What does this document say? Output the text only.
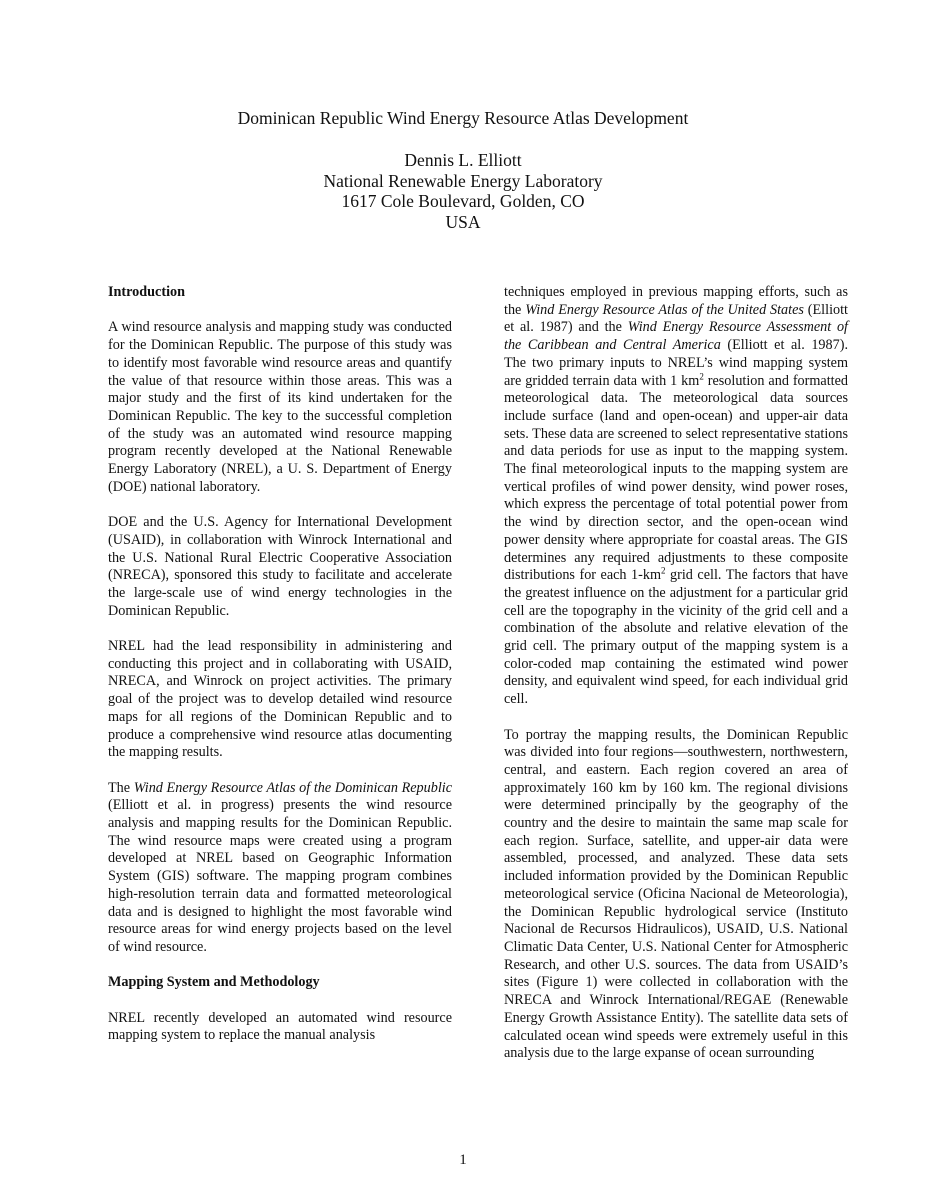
Dominican Republic Wind Energy Resource Atlas Development
Dennis L. Elliott
National Renewable Energy Laboratory
1617 Cole Boulevard, Golden, CO
USA
Introduction

A wind resource analysis and mapping study was conducted for the Dominican Republic. The purpose of this study was to identify most favorable wind resource areas and quantify the value of that resource within those areas. This was a major study and the first of its kind undertaken for the Dominican Republic. The key to the successful completion of the study was an automated wind resource mapping program recently developed at the National Renewable Energy Laboratory (NREL), a U. S. Department of Energy (DOE) national laboratory.

DOE and the U.S. Agency for International Development (USAID), in collaboration with Winrock International and the U.S. National Rural Electric Cooperative Association (NRECA), sponsored this study to facilitate and accelerate the large-scale use of wind energy technologies in the Dominican Republic.

NREL had the lead responsibility in administering and conducting this project and in collaborating with USAID, NRECA, and Winrock on project activities. The primary goal of the project was to develop detailed wind resource maps for all regions of the Dominican Republic and to produce a comprehensive wind resource atlas documenting the mapping results.

The Wind Energy Resource Atlas of the Dominican Republic (Elliott et al. in progress) presents the wind resource analysis and mapping results for the Dominican Republic. The wind resource maps were created using a program developed at NREL based on Geographic Information System (GIS) software. The mapping program combines high-resolution terrain data and formatted meteorological data and is designed to highlight the most favorable wind resource areas for wind energy projects based on the level of wind resource.

Mapping System and Methodology

NREL recently developed an automated wind resource mapping system to replace the manual analysis

techniques employed in previous mapping efforts, such as the Wind Energy Resource Atlas of the United States (Elliott et al. 1987) and the Wind Energy Resource Assessment of the Caribbean and Central America (Elliott et al. 1987). The two primary inputs to NREL’s wind mapping system are gridded terrain data with 1 $km^2$ resolution and formatted meteorological data. The meteorological data sources include surface (land and open-ocean) and upper-air data sets. These data are screened to select representative stations and data periods for use as input to the mapping system. The final meteorological inputs to the mapping system are vertical profiles of wind power density, wind power roses, which express the percentage of total potential power from the wind by direction sector, and the open-ocean wind power density where appropriate for coastal areas. The GIS determines any required adjustments to these composite distributions for each $1-km^2$ grid cell. The factors that have the greatest influence on the adjustment for a particular grid cell are the topography in the vicinity of the grid cell and a combination of the absolute and relative elevation of the grid cell. The primary output of the mapping system is a color-coded map containing the estimated wind power density, and equivalent wind speed, for each individual grid cell.

To portray the mapping results, the Dominican Republic was divided into four regions—southwestern, northwestern, central, and eastern. Each region covered an area of approximately 160 km by 160 km. The regional divisions were determined principally by the geography of the country and the desire to maintain the same map scale for each region. Surface, satellite, and upper-air data were assembled, processed, and analyzed. These data sets included information provided by the Dominican Republic meteorological service (Oficina Nacional de Meteorologia), the Dominican Republic hydrological service (Instituto Nacional de Recursos Hidraulicos), USAID, U.S. National Climatic Data Center, U.S. National Center for Atmospheric Research, and other U.S. sources. The data from USAID’s sites (Figure 1) were collected in collaboration with the NRECA and Winrock International/REGAE (Renewable Energy Growth Assistance Entity). The satellite data sets of calculated ocean wind speeds were extremely useful in this analysis due to the large expanse of ocean surrounding

1
